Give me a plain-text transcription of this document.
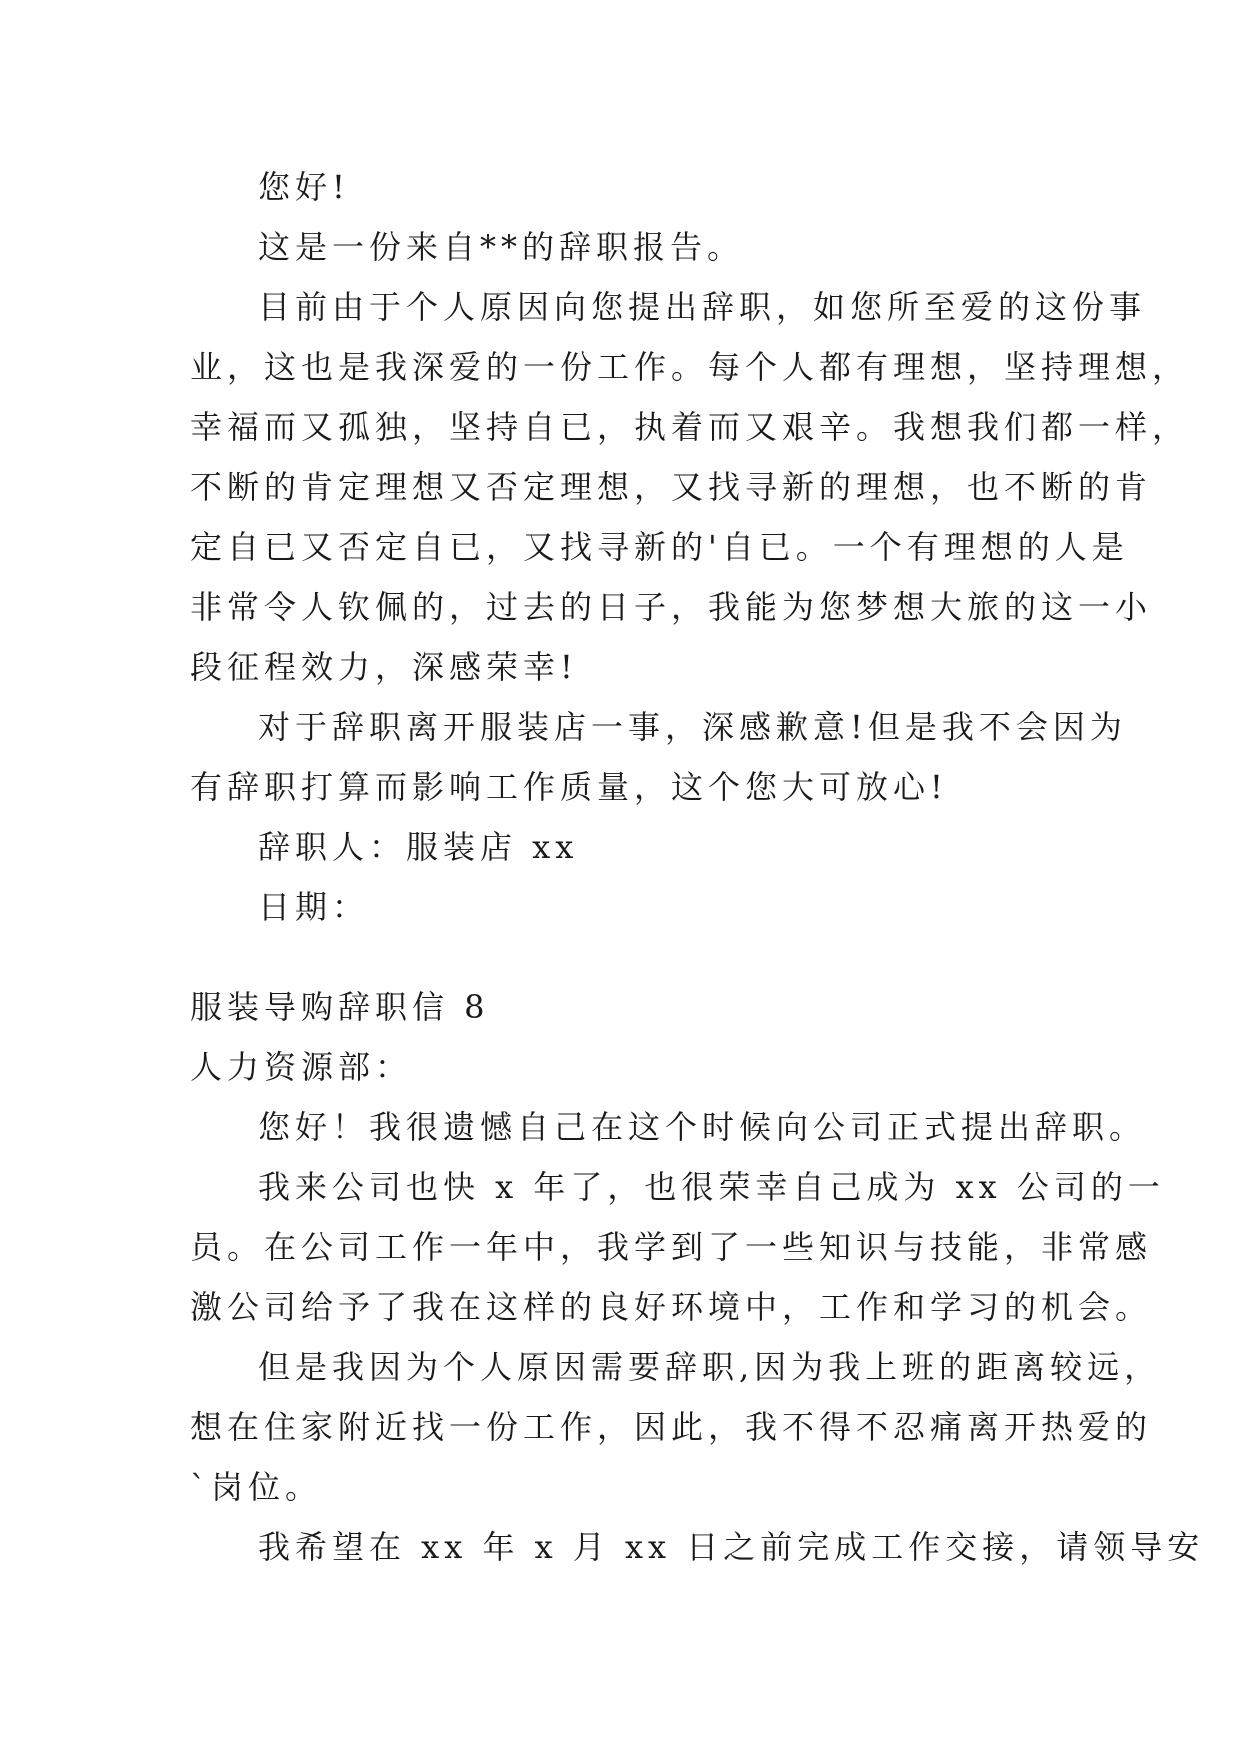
您好!
这是一份来自**的辞职报告。
目前由于个人原因向您提出辞职，如您所至爱的这份事
业，这也是我深爱的一份工作。每个人都有理想，坚持理想，
幸福而又孤独，坚持自已，执着而又艰辛。我想我们都一样，
不断的肯定理想又否定理想，又找寻新的理想，也不断的肯
定自已又否定自已，又找寻新的'自已。一个有理想的人是
非常令人钦佩的，过去的日子，我能为您梦想大旅的这一小
段征程效力，深感荣幸!
对于辞职离开服装店一事，深感歉意!但是我不会因为
有辞职打算而影响工作质量，这个您大可放心!
辞职人：服装店 xx
日期：
服装导购辞职信 8
人力资源部：
您好！我很遗憾自己在这个时候向公司正式提出辞职。
我来公司也快 x 年了，也很荣幸自己成为 xx 公司的一
员。在公司工作一年中，我学到了一些知识与技能，非常感
激公司给予了我在这样的良好环境中，工作和学习的机会。
但是我因为个人原因需要辞职,因为我上班的距离较远，
想在住家附近找一份工作，因此，我不得不忍痛离开热爱的
`岗位。
我希望在 xx 年 x 月 xx 日之前完成工作交接，请领导安
